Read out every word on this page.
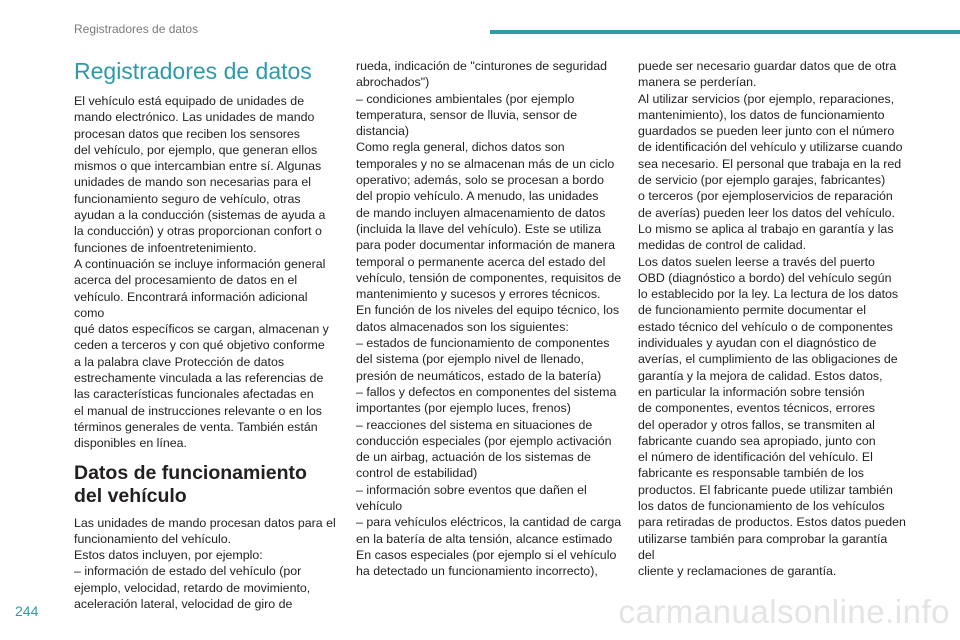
Registradores de datos
Registradores de datos

El vehículo está equipado de unidades de

mando electrónico. Las unidades de mando

procesan datos que reciben los sensores

del vehículo, por ejemplo, que generan ellos

mismos o que intercambian entre sí. Algunas

unidades de mando son necesarias para el

funcionamiento seguro de vehículo, otras

ayudan a la conducción (sistemas de ayuda a

la conducción) y otras proporcionan confort o

funciones de infoentretenimiento.

A continuación se incluye información general

acerca del procesamiento de datos en el

vehículo. Encontrará información adicional como

qué datos específicos se cargan, almacenan y

ceden a terceros y con qué objetivo conforme

a la palabra clave Protección de datos

estrechamente vinculada a las referencias de

las características funcionales afectadas en

el manual de instrucciones relevante o en los

términos generales de venta. También están

disponibles en línea.

Datos de funcionamiento
del vehículo

Las unidades de mando procesan datos para el

funcionamiento del vehículo.

Estos datos incluyen, por ejemplo:

– información de estado del vehículo (por

ejemplo, velocidad, retardo de movimiento,

aceleración lateral, velocidad de giro de

rueda, indicación de "cinturones de seguridad

abrochados")

– condiciones ambientales (por ejemplo

temperatura, sensor de lluvia, sensor de

distancia)

Como regla general, dichos datos son

temporales y no se almacenan más de un ciclo

operativo; además, solo se procesan a bordo

del propio vehículo. A menudo, las unidades

de mando incluyen almacenamiento de datos

(incluida la llave del vehículo). Este se utiliza

para poder documentar información de manera

temporal o permanente acerca del estado del

vehículo, tensión de componentes, requisitos de

mantenimiento y sucesos y errores técnicos.

En función de los niveles del equipo técnico, los

datos almacenados son los siguientes:

– estados de funcionamiento de componentes

del sistema (por ejemplo nivel de llenado,

presión de neumáticos, estado de la batería)

– fallos y defectos en componentes del sistema

importantes (por ejemplo luces, frenos)

– reacciones del sistema en situaciones de

conducción especiales (por ejemplo activación

de un airbag, actuación de los sistemas de

control de estabilidad)

– información sobre eventos que dañen el

vehículo

– para vehículos eléctricos, la cantidad de carga

en la batería de alta tensión, alcance estimado

En casos especiales (por ejemplo si el vehículo

ha detectado un funcionamiento incorrecto),

puede ser necesario guardar datos que de otra

manera se perderían.

Al utilizar servicios (por ejemplo, reparaciones,

mantenimiento), los datos de funcionamiento

guardados se pueden leer junto con el número

de identificación del vehículo y utilizarse cuando

sea necesario. El personal que trabaja en la red

de servicio (por ejemplo garajes, fabricantes)

o terceros (por ejemploservicios de reparación

de averías) pueden leer los datos del vehículo.

Lo mismo se aplica al trabajo en garantía y las

medidas de control de calidad.

Los datos suelen leerse a través del puerto

OBD (diagnóstico a bordo) del vehículo según

lo establecido por la ley. La lectura de los datos

de funcionamiento permite documentar el

estado técnico del vehículo o de componentes

individuales y ayudan con el diagnóstico de

averías, el cumplimiento de las obligaciones de

garantía y la mejora de calidad. Estos datos,

en particular la información sobre tensión

de componentes, eventos técnicos, errores

del operador y otros fallos, se transmiten al

fabricante cuando sea apropiado, junto con

el número de identificación del vehículo. El

fabricante es responsable también de los

productos. El fabricante puede utilizar también

los datos de funcionamiento de los vehículos

para retiradas de productos. Estos datos pueden

utilizarse también para comprobar la garantía del

cliente y reclamaciones de garantía.

244	carmanualsonline.info
